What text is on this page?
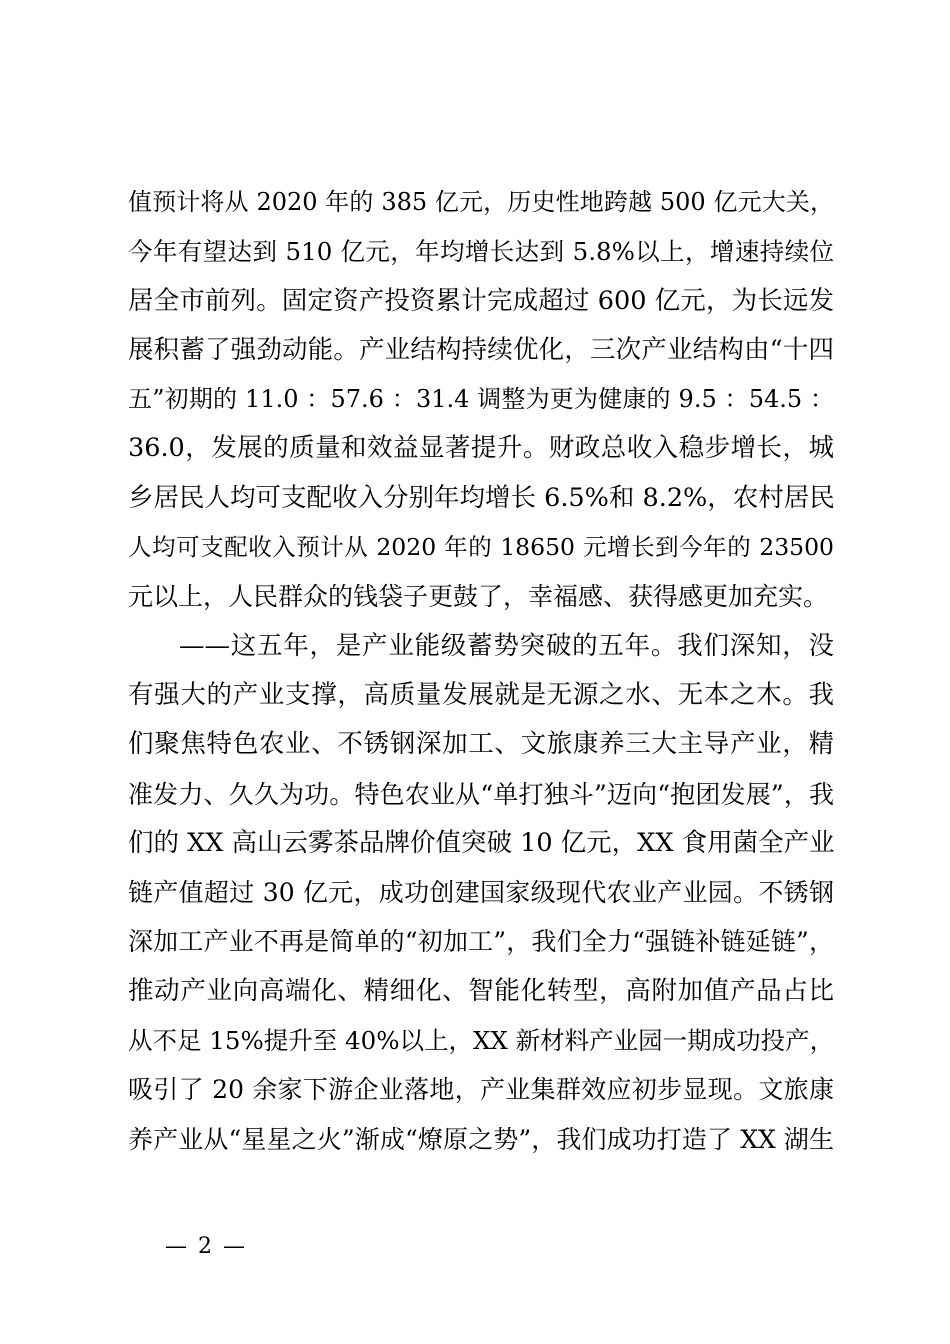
值预计将从 2020 年的 385 亿元，历史性地跨越 500 亿元大关，
今年有望达到 510 亿元，年均增长达到 5.8%以上，增速持续位
居全市前列。固定资产投资累计完成超过 600 亿元，为长远发
展积蓄了强劲动能。产业结构持续优化，三次产业结构由“十四
五”初期的 11.0 ：57.6 ：31.4 调整为更为健康的 9.5 ：54.5 ：
36.0，发展的质量和效益显著提升。财政总收入稳步增长，城
乡居民人均可支配收入分别年均增长 6.5%和 8.2%，农村居民
人均可支配收入预计从 2020 年的 18650 元增长到今年的 23500
元以上，人民群众的钱袋子更鼓了，幸福感、获得感更加充实。
——这五年，是产业能级蓄势突破的五年。我们深知，没
有强大的产业支撑，高质量发展就是无源之水、无本之木。我
们聚焦特色农业、不锈钢深加工、文旅康养三大主导产业，精
准发力、久久为功。特色农业从“单打独斗”迈向“抱团发展”，我
们的 XX 高山云雾茶品牌价值突破 10 亿元，XX 食用菌全产业
链产值超过 30 亿元，成功创建国家级现代农业产业园。不锈钢
深加工产业不再是简单的“初加工”，我们全力“强链补链延链”，
推动产业向高端化、精细化、智能化转型，高附加值产品占比
从不足 15%提升至 40%以上，XX 新材料产业园一期成功投产，
吸引了 20 余家下游企业落地，产业集群效应初步显现。文旅康
养产业从“星星之火”渐成“燎原之势”，我们成功打造了 XX 湖生
— 2 —
